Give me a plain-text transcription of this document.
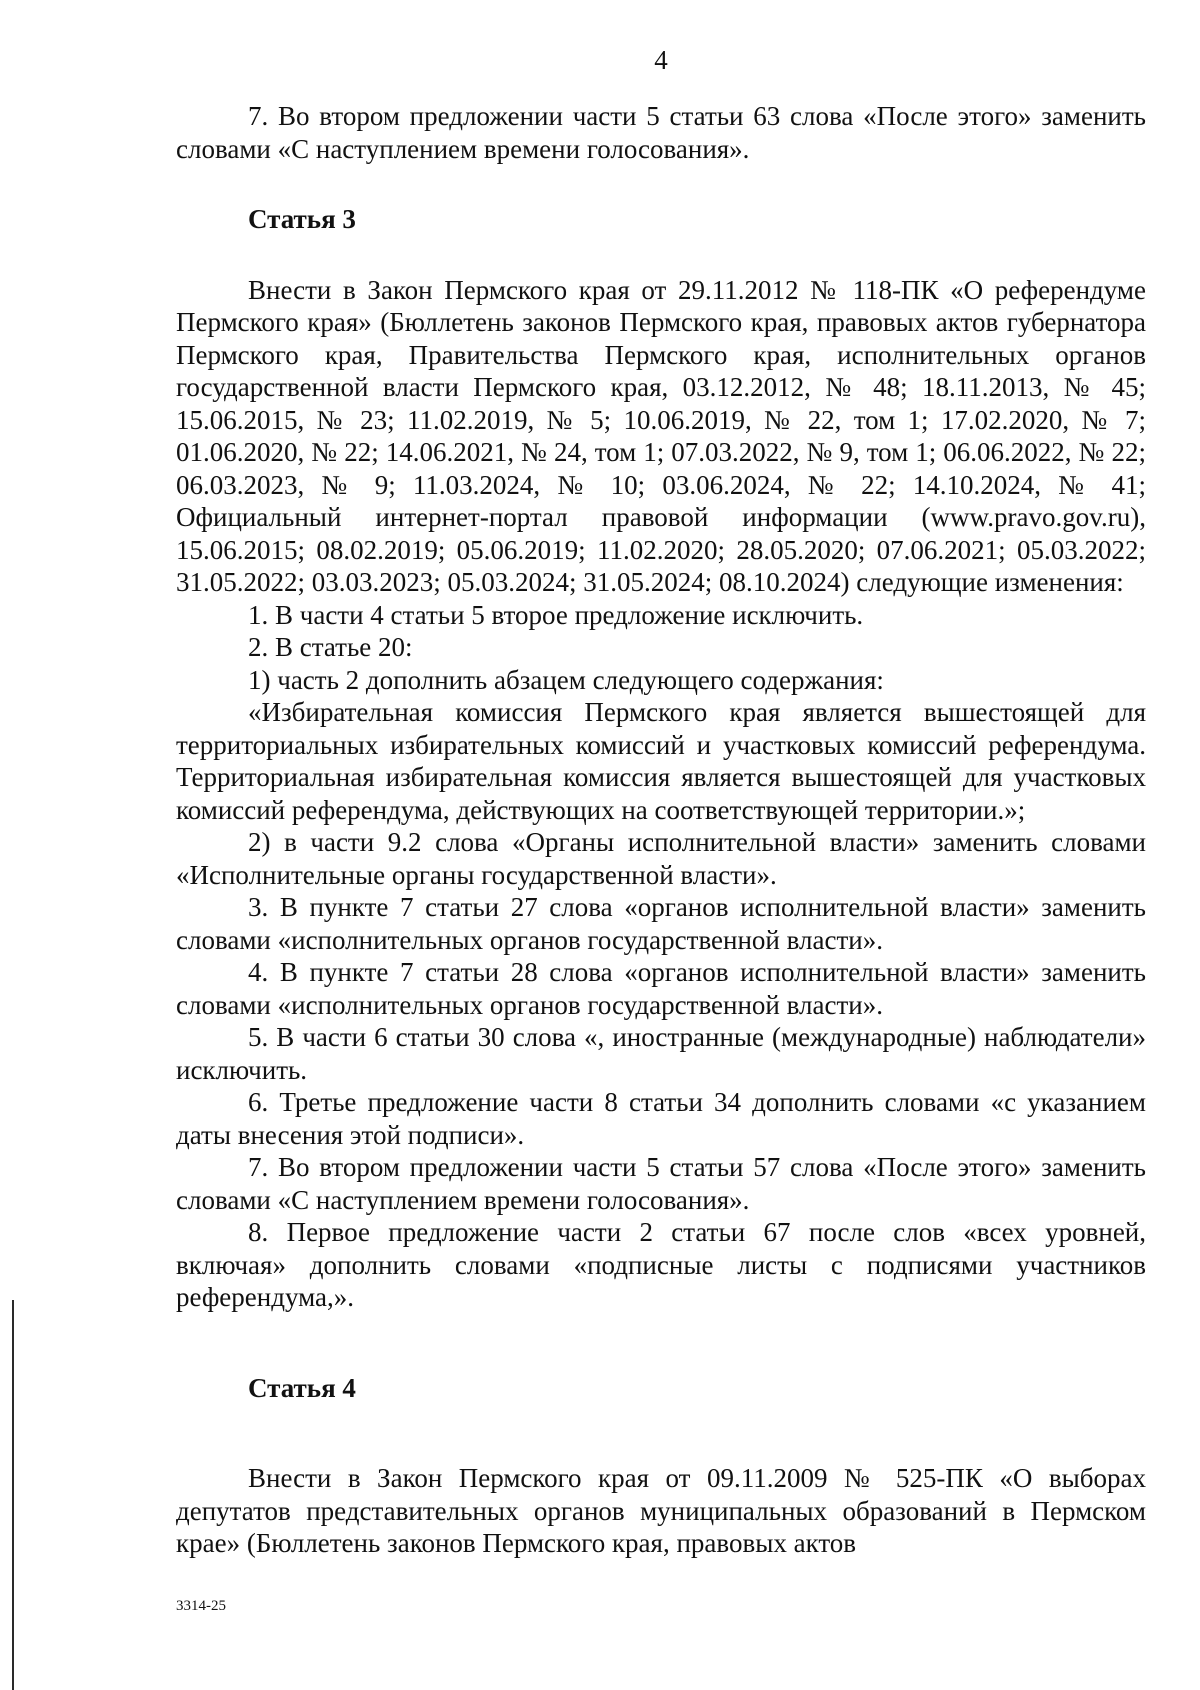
4

7. Во втором предложении части 5 статьи 63 слова «После этого» заменить словами «С наступлением времени голосования».

Статья 3

Внести в Закон Пермского края от 29.11.2012 № 118-ПК «О референдуме Пермского края» (Бюллетень законов Пермского края, правовых актов губернатора Пермского края, Правительства Пермского края, исполнительных органов государственной власти Пермского края, 03.12.2012, № 48; 18.11.2013, № 45; 15.06.2015, № 23; 11.02.2019, № 5; 10.06.2019, № 22, том 1; 17.02.2020, № 7; 01.06.2020, № 22; 14.06.2021, № 24, том 1; 07.03.2022, № 9, том 1; 06.06.2022, № 22; 06.03.2023, № 9; 11.03.2024, № 10; 03.06.2024, № 22; 14.10.2024, № 41; Официальный интернет-портал правовой информации (www.pravo.gov.ru), 15.06.2015; 08.02.2019; 05.06.2019; 11.02.2020; 28.05.2020; 07.06.2021; 05.03.2022; 31.05.2022; 03.03.2023; 05.03.2024; 31.05.2024; 08.10.2024) следующие изменения:

1. В части 4 статьи 5 второе предложение исключить.

2. В статье 20:

1) часть 2 дополнить абзацем следующего содержания:

«Избирательная комиссия Пермского края является вышестоящей для территориальных избирательных комиссий и участковых комиссий референдума. Территориальная избирательная комиссия является вышестоящей для участковых комиссий референдума, действующих на соответствующей территории.»;

2) в части 9.2 слова «Органы исполнительной власти» заменить словами «Исполнительные органы государственной власти».

3. В пункте 7 статьи 27 слова «органов исполнительной власти» заменить словами «исполнительных органов государственной власти».

4. В пункте 7 статьи 28 слова «органов исполнительной власти» заменить словами «исполнительных органов государственной власти».

5. В части 6 статьи 30 слова «, иностранные (международные) наблюдатели» исключить.

6. Третье предложение части 8 статьи 34 дополнить словами «с указанием даты внесения этой подписи».

7. Во втором предложении части 5 статьи 57 слова «После этого» заменить словами «С наступлением времени голосования».

8. Первое предложение части 2 статьи 67 после слов «всех уровней, включая» дополнить словами «подписные листы с подписями участников референдума,».

Статья 4

Внести в Закон Пермского края от 09.11.2009 № 525-ПК «О выборах депутатов представительных органов муниципальных образований в Пермском крае» (Бюллетень законов Пермского края, правовых актов

3314-25
